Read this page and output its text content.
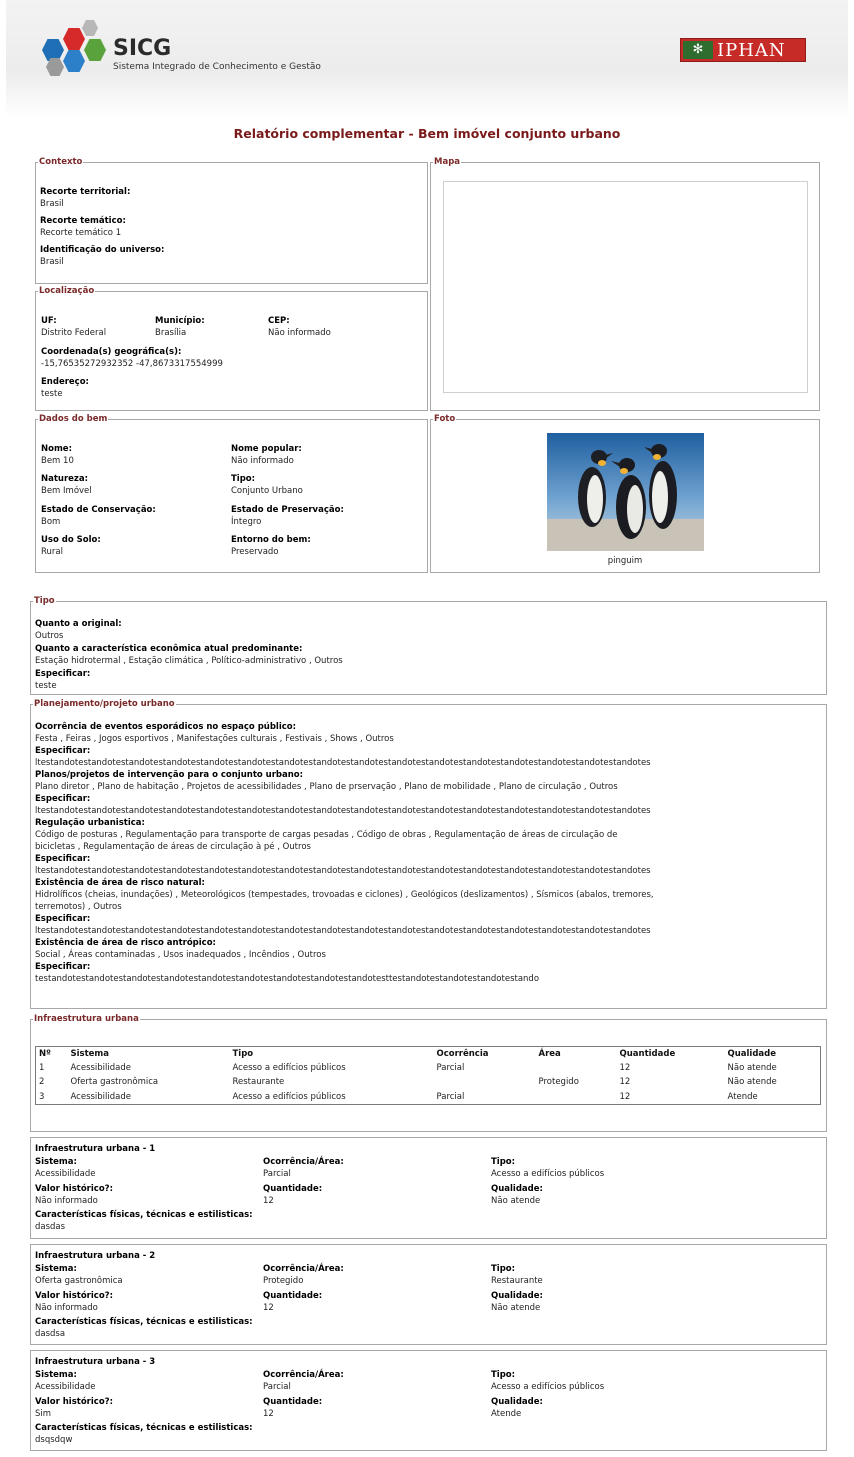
SICG
Sistema Integrado de Conhecimento e Gestão
✻ IPHAN
Relatório complementar - Bem imóvel conjunto urbano
Contexto
Recorte territorial:
Brasil
Recorte temático:
Recorte temático 1
Identificação do universo:
Brasil
Mapa
Localização
UF:
Distrito Federal
Município:
Brasília
CEP:
Não informado
Coordenada(s) geográfica(s):
-15,76535272932352 -47,8673317554999
Endereço:
teste
Dados do bem
Nome:
Bem 10
Natureza:
Bem Imóvel
Estado de Conservação:
Bom
Uso do Solo:
Rural
Nome popular:
Não informado
Tipo:
Conjunto Urbano
Estado de Preservação:
Íntegro
Entorno do bem:
Preservado
Foto
pinguim
Tipo
Quanto a original:
Outros
Quanto a característica econômica atual predominante:
Estação hidrotermal , Estação climática , Político-administrativo , Outros
Especificar:
teste
Planejamento/projeto urbano
Ocorrência de eventos esporádicos no espaço público:
Festa , Feiras , Jogos esportivos , Manifestações culturais , Festivais , Shows , Outros
Especificar:
ltestandotestandotestandotestandotestandotestandotestandotestandotestandotestandotestandotestandotestandotestandotestandotestandotes
Planos/projetos de intervenção para o conjunto urbano:
Plano diretor , Plano de habitação , Projetos de acessibilidades , Plano de prservação , Plano de mobilidade , Plano de circulação , Outros
Especificar:
ltestandotestandotestandotestandotestandotestandotestandotestandotestandotestandotestandotestandotestandotestandotestandotestandotes
Regulação urbanistica:
Código de posturas , Regulamentação para transporte de cargas pesadas , Código de obras , Regulamentação de áreas de circulação de bicicletas , Regulamentação de áreas de circulação à pé , Outros
Especificar:
ltestandotestandotestandotestandotestandotestandotestandotestandotestandotestandotestandotestandotestandotestandotestandotestandotes
Existência de área de risco natural:
Hidrolíficos (cheias, inundações) , Meteorológicos (tempestades, trovoadas e ciclones) , Geológicos (deslizamentos) , Sísmicos (abalos, tremores, terremotos) , Outros
Especificar:
ltestandotestandotestandotestandotestandotestandotestandotestandotestandotestandotestandotestandotestandotestandotestandotestandotes
Existência de área de risco antrópico:
Social , Áreas contaminadas , Usos inadequados , Incêndios , Outros
Especificar:
testandotestandotestandotestandotestandotestandotestandotestandotestandotesttestandotestandotestandotestando
Infraestrutura urbana
Nº	Sistema	Tipo	Ocorrência	Área	Quantidade	Qualidade
1	Acessibilidade	Acesso a edifícios públicos	Parcial		12	Não atende
2	Oferta gastronômica	Restaurante		Protegido	12	Não atende
3	Acessibilidade	Acesso a edifícios públicos	Parcial		12	Atende
Infraestrutura urbana - 1
Sistema:
Acessibilidade
Ocorrência/Área:
Parcial
Tipo:
Acesso a edifícios públicos
Valor histórico?:
Não informado
Quantidade:
12
Qualidade:
Não atende
Características físicas, técnicas e estilisticas:
dasdas
Infraestrutura urbana - 2
Sistema:
Oferta gastronômica
Ocorrência/Área:
Protegido
Tipo:
Restaurante
Valor histórico?:
Não informado
Quantidade:
12
Qualidade:
Não atende
Características físicas, técnicas e estilisticas:
dasdsa
Infraestrutura urbana - 3
Sistema:
Acessibilidade
Ocorrência/Área:
Parcial
Tipo:
Acesso a edifícios públicos
Valor histórico?:
Sim
Quantidade:
12
Qualidade:
Atende
Características físicas, técnicas e estilisticas:
dsqsdqw
